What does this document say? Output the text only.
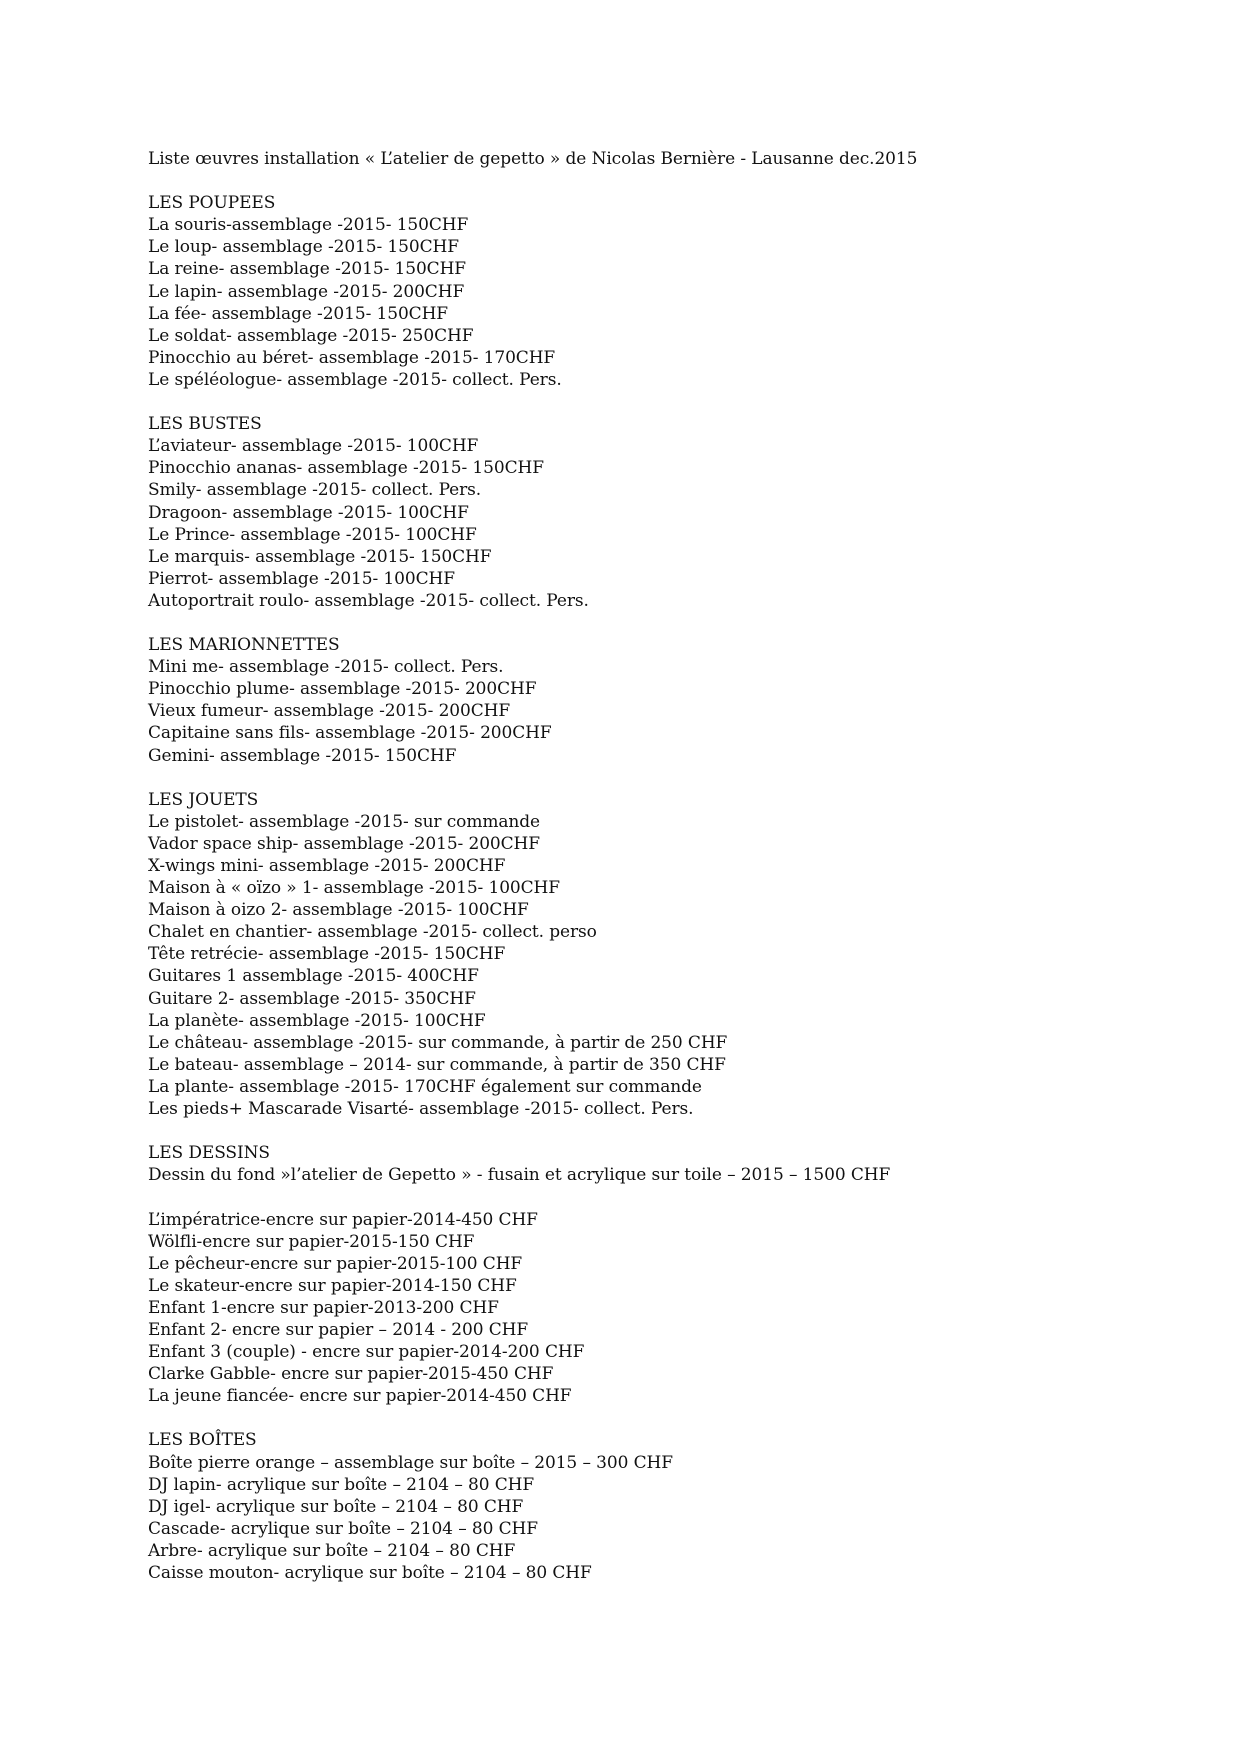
Liste œuvres installation « L’atelier de gepetto » de Nicolas Bernière - Lausanne dec.2015
LES POUPEES
La souris-assemblage -2015- 150CHF
Le loup- assemblage -2015- 150CHF
La reine- assemblage -2015- 150CHF
Le lapin- assemblage -2015- 200CHF
La fée- assemblage -2015- 150CHF
Le soldat- assemblage -2015- 250CHF
Pinocchio au béret- assemblage -2015- 170CHF
Le spéléologue- assemblage -2015- collect. Pers.
LES BUSTES
L’aviateur- assemblage -2015- 100CHF
Pinocchio ananas- assemblage -2015- 150CHF
Smily- assemblage -2015- collect. Pers.
Dragoon- assemblage -2015- 100CHF
Le Prince- assemblage -2015- 100CHF
Le marquis- assemblage -2015- 150CHF
Pierrot- assemblage -2015- 100CHF
Autoportrait roulo- assemblage -2015- collect. Pers.
LES MARIONNETTES
Mini me- assemblage -2015- collect. Pers.
Pinocchio plume- assemblage -2015- 200CHF
Vieux fumeur- assemblage -2015- 200CHF
Capitaine sans fils- assemblage -2015- 200CHF
Gemini- assemblage -2015- 150CHF
LES JOUETS
Le pistolet- assemblage -2015- sur commande
Vador space ship- assemblage -2015- 200CHF
X-wings mini- assemblage -2015- 200CHF
Maison à « oïzo » 1- assemblage -2015- 100CHF
Maison à oizo 2- assemblage -2015- 100CHF
Chalet en chantier- assemblage -2015- collect. perso
Tête retrécie- assemblage -2015- 150CHF
Guitares 1 assemblage -2015- 400CHF
Guitare 2- assemblage -2015- 350CHF
La planète- assemblage -2015- 100CHF
Le château- assemblage -2015- sur commande, à partir de 250 CHF
Le bateau- assemblage – 2014- sur commande, à partir de 350 CHF
La plante- assemblage -2015- 170CHF également sur commande
Les pieds+ Mascarade Visarté- assemblage -2015- collect. Pers.
LES DESSINS
Dessin du fond »l’atelier de Gepetto » - fusain et acrylique sur toile – 2015 – 1500 CHF
L’impératrice-encre sur papier-2014-450 CHF
Wölfli-encre sur papier-2015-150 CHF
Le pêcheur-encre sur papier-2015-100 CHF
Le skateur-encre sur papier-2014-150 CHF
Enfant 1-encre sur papier-2013-200 CHF
Enfant 2- encre sur papier – 2014 - 200 CHF
Enfant 3 (couple) - encre sur papier-2014-200 CHF
Clarke Gabble- encre sur papier-2015-450 CHF
La jeune fiancée- encre sur papier-2014-450 CHF
LES BOÎTES
Boîte pierre orange – assemblage sur boîte – 2015 – 300 CHF
DJ lapin- acrylique sur boîte – 2104 – 80 CHF
DJ igel- acrylique sur boîte – 2104 – 80 CHF
Cascade- acrylique sur boîte – 2104 – 80 CHF
Arbre- acrylique sur boîte – 2104 – 80 CHF
Caisse mouton- acrylique sur boîte – 2104 – 80 CHF
